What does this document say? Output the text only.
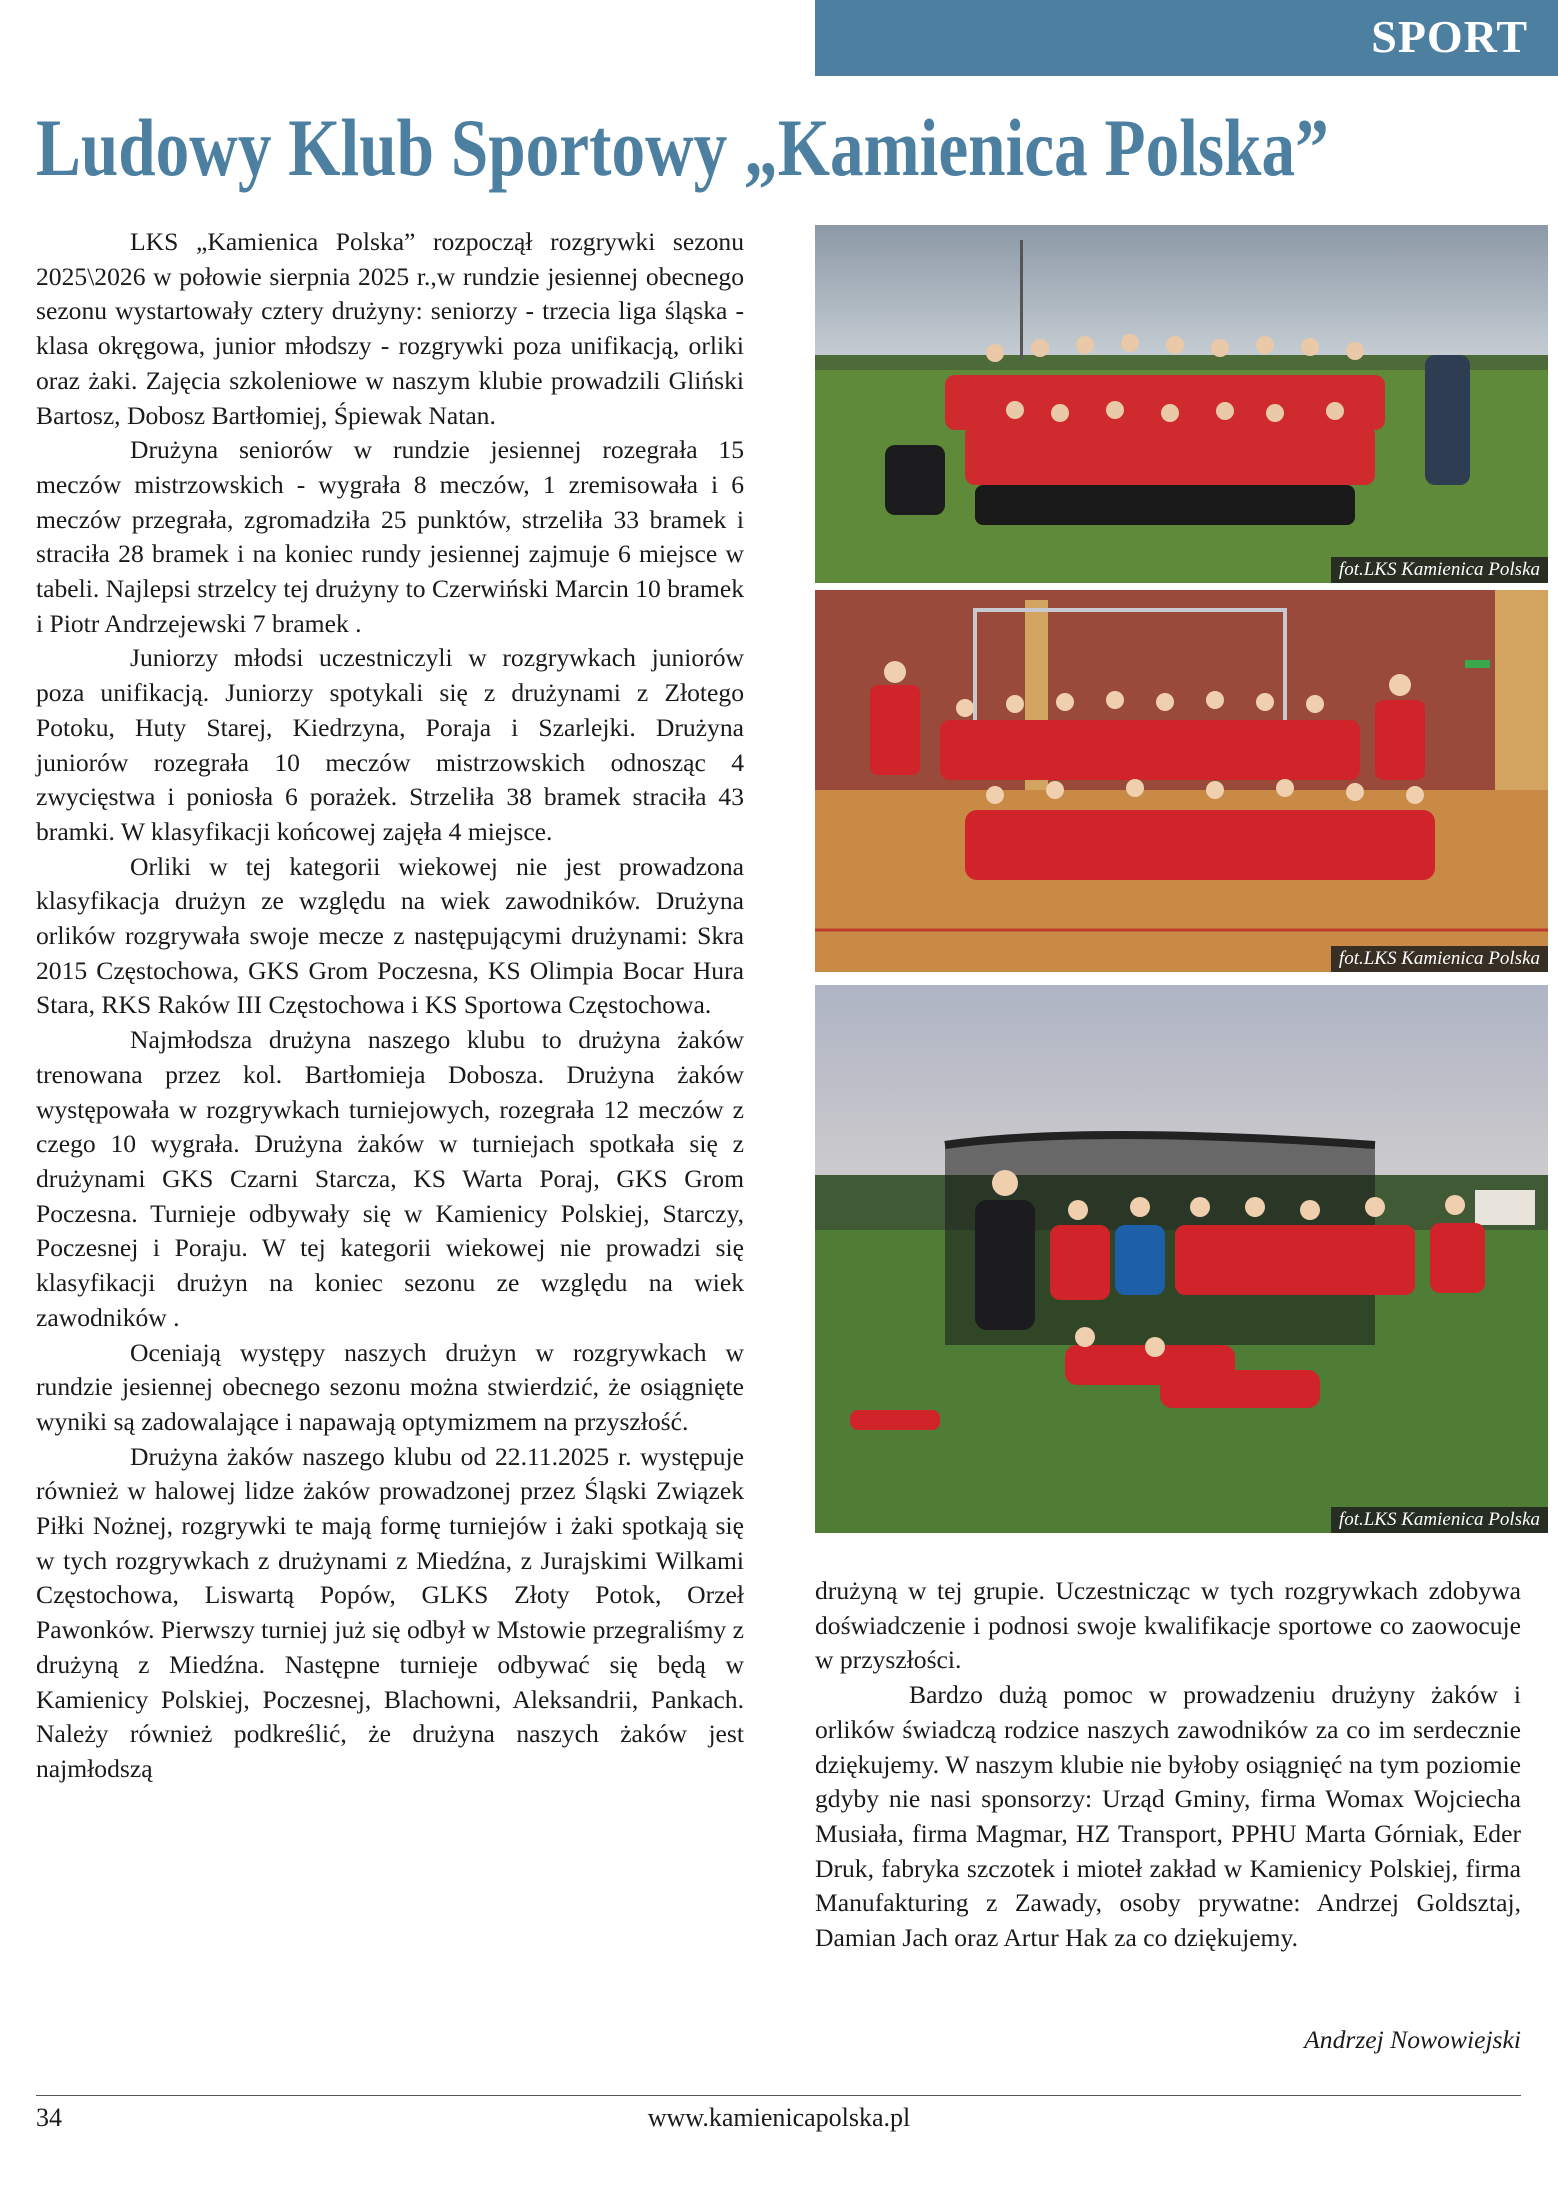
SPORT
Ludowy Klub Sportowy „Kamienica Polska”

LKS „Kamienica Polska” rozpoczął rozgrywki sezonu 2025\2026 w połowie sierpnia 2025 r.,w rundzie jesiennej obecnego sezonu wystartowały cztery drużyny: seniorzy - trzecia liga śląska - klasa okręgowa, junior młodszy - rozgrywki poza unifikacją, orliki oraz żaki. Zajęcia szkoleniowe w naszym klubie prowadzili Gliński Bartosz, Dobosz Bartłomiej, Śpiewak Natan.

Drużyna seniorów w rundzie jesiennej rozegrała 15 meczów mistrzowskich - wygrała 8 meczów, 1 zremisowała i 6 meczów przegrała, zgromadziła 25 punktów, strzeliła 33 bramek i straciła 28 bramek i na koniec rundy jesiennej zajmuje 6 miejsce w tabeli. Najlepsi strzelcy tej drużyny to Czerwiński Marcin 10 bramek i Piotr Andrzejewski 7 bramek .

Juniorzy młodsi uczestniczyli w rozgrywkach juniorów poza unifikacją. Juniorzy spotykali się z drużynami z Złotego Potoku, Huty Starej, Kiedrzyna, Poraja i Szarlejki. Drużyna juniorów rozegrała 10 meczów mistrzowskich odnosząc 4 zwycięstwa i poniosła 6 porażek. Strzeliła 38 bramek straciła 43 bramki. W klasyfikacji końcowej zajęła 4 miejsce.

Orliki w tej kategorii wiekowej nie jest prowadzona klasyfikacja drużyn ze względu na wiek zawodników. Drużyna orlików rozgrywała swoje mecze z następującymi drużynami: Skra 2015 Częstochowa, GKS Grom Poczesna, KS Olimpia Bocar Hura Stara, RKS Raków III Częstochowa i KS Sportowa Częstochowa.

Najmłodsza drużyna naszego klubu to drużyna żaków trenowana przez kol. Bartłomieja Dobosza. Drużyna żaków występowała w rozgrywkach turniejowych, rozegrała 12 meczów z czego 10 wygrała. Drużyna żaków w turniejach spotkała się z drużynami GKS Czarni Starcza, KS Warta Poraj, GKS Grom Poczesna. Turnieje odbywały się w Kamienicy Polskiej, Starczy, Poczesnej i Poraju. W tej kategorii wiekowej nie prowadzi się klasyfikacji drużyn na koniec sezonu ze względu na wiek zawodników .

Oceniają występy naszych drużyn w rozgrywkach w rundzie jesiennej obecnego sezonu można stwierdzić, że osiągnięte wyniki są zadowalające i napawają optymizmem na przyszłość.

Drużyna żaków naszego klubu od 22.11.2025 r. występuje również w halowej lidze żaków prowadzonej przez Śląski Związek Piłki Nożnej, rozgrywki te mają formę turniejów i żaki spotkają się w tych rozgrywkach z drużynami z Miedźna, z Jurajskimi Wilkami Częstochowa, Liswartą Popów, GLKS Złoty Potok, Orzeł Pawonków. Pierwszy turniej już się odbył w Mstowie przegraliśmy z drużyną z Miedźna. Następne turnieje odbywać się będą w Kamienicy Polskiej, Poczesnej, Blachowni, Aleksandrii, Pankach. Należy również podkreślić, że drużyna naszych żaków jest najmłodszą

fot.LKS Kamienica Polska
fot.LKS Kamienica Polska
fot.LKS Kamienica Polska

drużyną w tej grupie. Uczestnicząc w tych rozgrywkach zdobywa doświadczenie i podnosi swoje kwalifikacje sportowe co zaowocuje w przyszłości.

Bardzo dużą pomoc w prowadzeniu drużyny żaków i orlików świadczą rodzice naszych zawodników za co im serdecznie dziękujemy. W naszym klubie nie byłoby osiągnięć na tym poziomie gdyby nie nasi sponsorzy: Urząd Gminy, firma Womax Wojciecha Musiała, firma Magmar, HZ Transport, PPHU Marta Górniak, Eder Druk, fabryka szczotek i mioteł zakład w Kamienicy Polskiej, firma Manufakturing z Zawady, osoby prywatne: Andrzej Goldsztaj, Damian Jach oraz Artur Hak za co dziękujemy.

Andrzej Nowowiejski
34	www.kamienicapolska.pl
